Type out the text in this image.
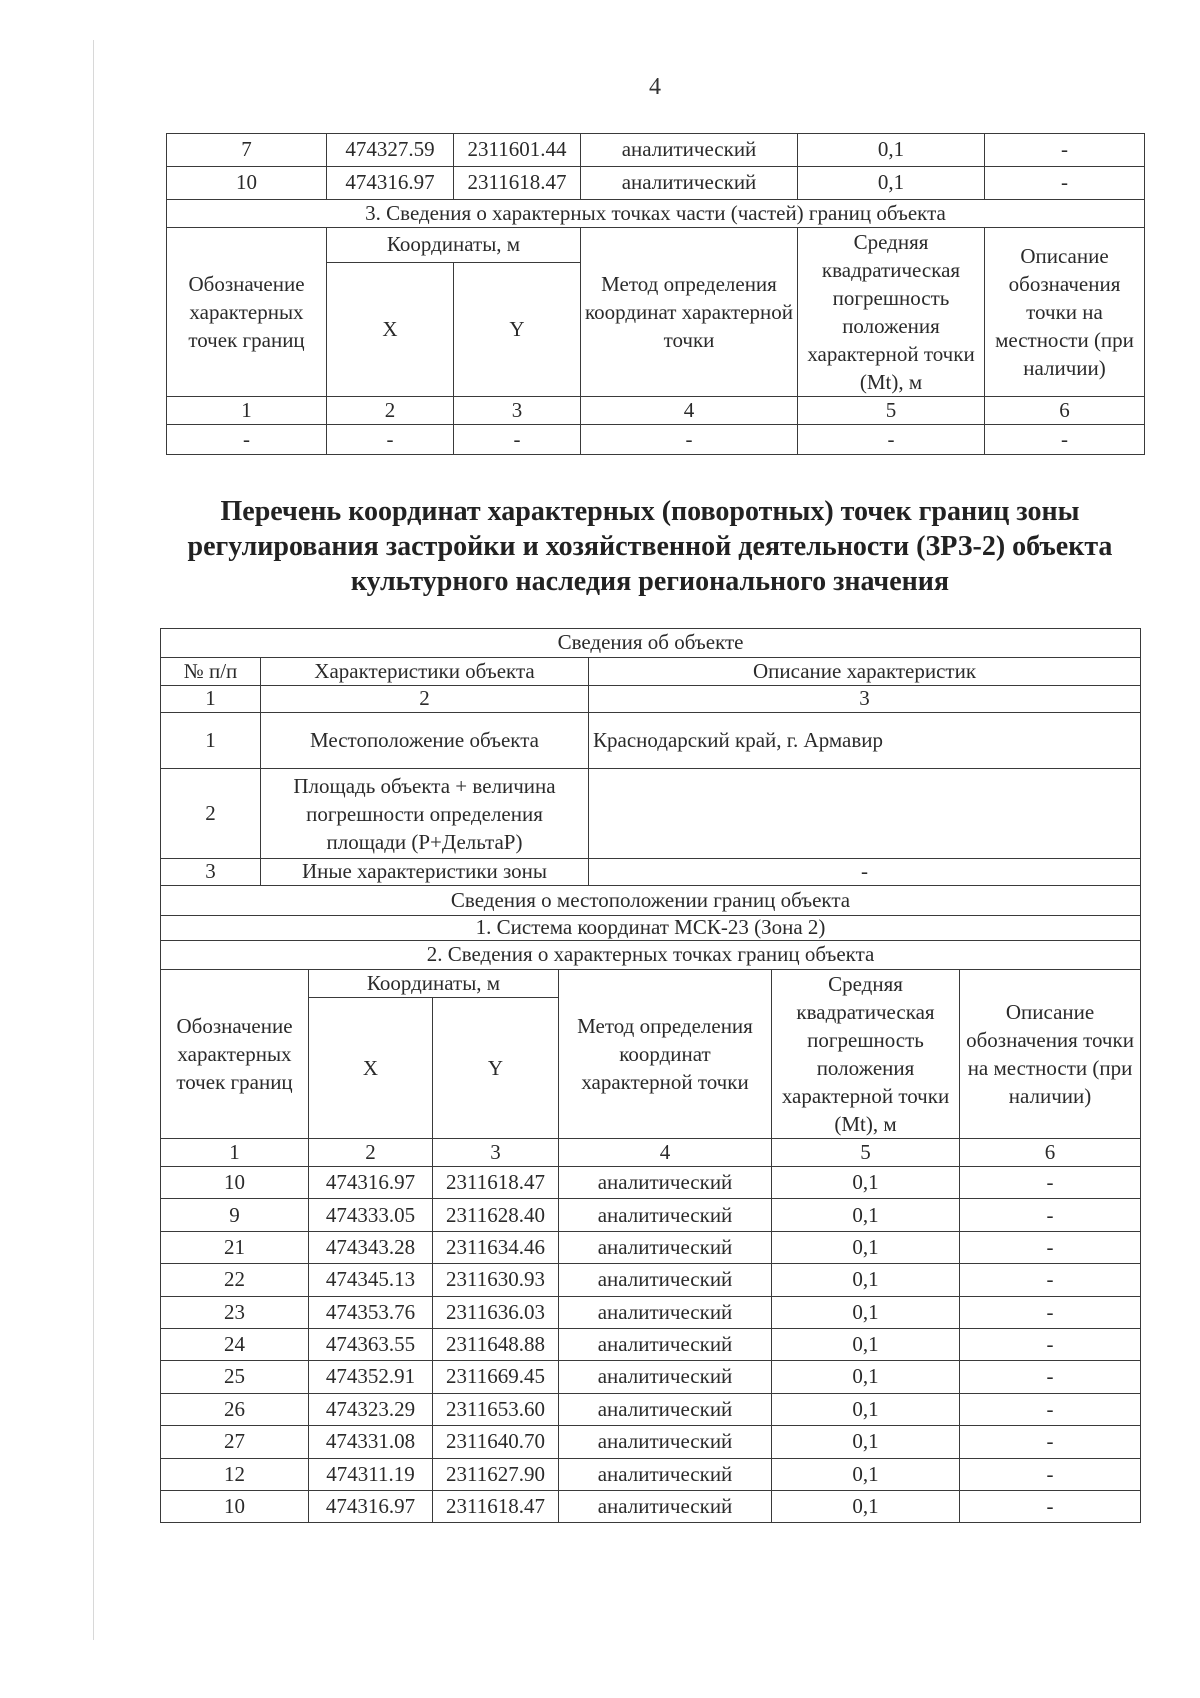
4
7	474327.59	2311601.44	аналитический	0,1	-
10	474316.97	2311618.47	аналитический	0,1	-
3. Сведения о характерных точках части (частей) границ объекта					
Обозначение характерных точек границ	Координаты, м		Метод определения координат характерной точки	Средняя квадратическая погрешность положения характерной точки (Mt), м	Описание обозначения точки на местности (при наличии)
	X	Y			
1	2	3	4	5	6
-	-	-	-	-	-
Перечень координат характерных (поворотных) точек границ зоны регулирования застройки и хозяйственной деятельности (ЗРЗ-2) объекта культурного наследия регионального значения
Сведения об объекте							
№ п/п	Характеристики объекта				Описание характеристик		
1	2				3		
1	Местоположение объекта				Краснодарский край, г. Армавир		
2	Площадь объекта + величина погрешности определения площади (Р+ДельтаР)						
3	Иные характеристики зоны				-		
Сведения о местоположении границ объекта							
1. Система координат МСК-23 (Зона 2)							
2. Сведения о характерных точках границ объекта							
Обозначение характерных точек границ		Координаты, м		Метод определения координат характерной точки		Средняя квадратическая погрешность положения характерной точки (Mt), м	Описание обозначения точки на местности (при наличии)
		X	Y				
1		2	3	4		5	6
10		474316.97	2311618.47	аналитический		0,1	-
9		474333.05	2311628.40	аналитический		0,1	-
21		474343.28	2311634.46	аналитический		0,1	-
22		474345.13	2311630.93	аналитический		0,1	-
23		474353.76	2311636.03	аналитический		0,1	-
24		474363.55	2311648.88	аналитический		0,1	-
25		474352.91	2311669.45	аналитический		0,1	-
26		474323.29	2311653.60	аналитический		0,1	-
27		474331.08	2311640.70	аналитический		0,1	-
12		474311.19	2311627.90	аналитический		0,1	-
10		474316.97	2311618.47	аналитический		0,1	-
